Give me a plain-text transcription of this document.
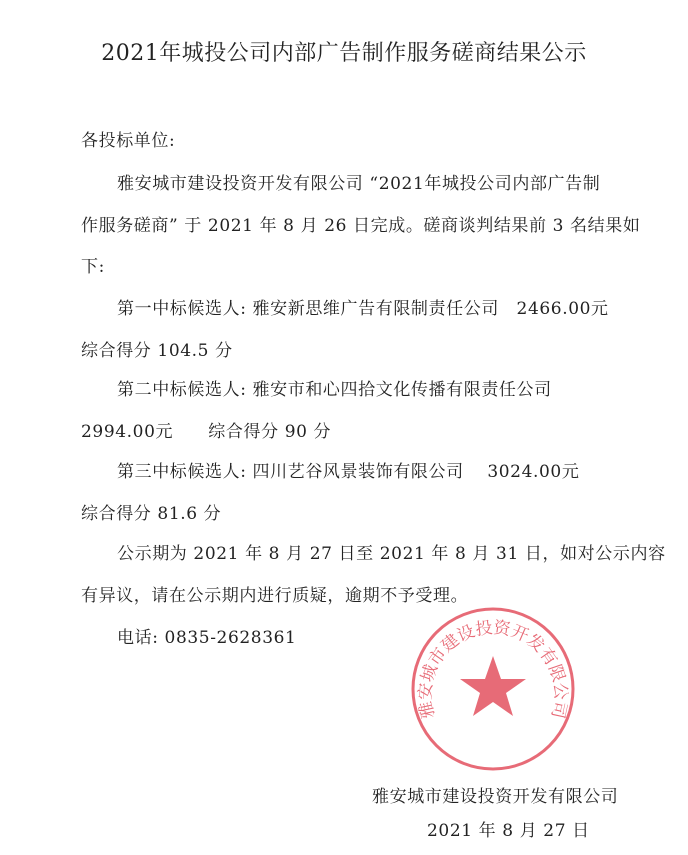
2021年城投公司内部广告制作服务磋商结果公示
各投标单位:
雅安城市建设投资开发有限公司 “2021年城投公司内部广告制
作服务磋商” 于 2021 年 8 月 26 日完成。磋商谈判结果前 3 名结果如
下:
第一中标候选人: 雅安新思维广告有限制责任公司　2466.00元
综合得分 104.5 分
第二中标候选人: 雅安市和心四拾文化传播有限责任公司
2994.00元　　综合得分 90 分
第三中标候选人: 四川艺谷风景装饰有限公司　 3024.00元
综合得分 81.6 分
公示期为 2021 年 8 月 27 日至 2021 年 8 月 31 日，如对公示内容
有异议，请在公示期内进行质疑，逾期不予受理。
电话: 0835-2628361
雅安城市建设投资开发有限公司
雅安城市建设投资开发有限公司
2021 年 8 月 27 日
